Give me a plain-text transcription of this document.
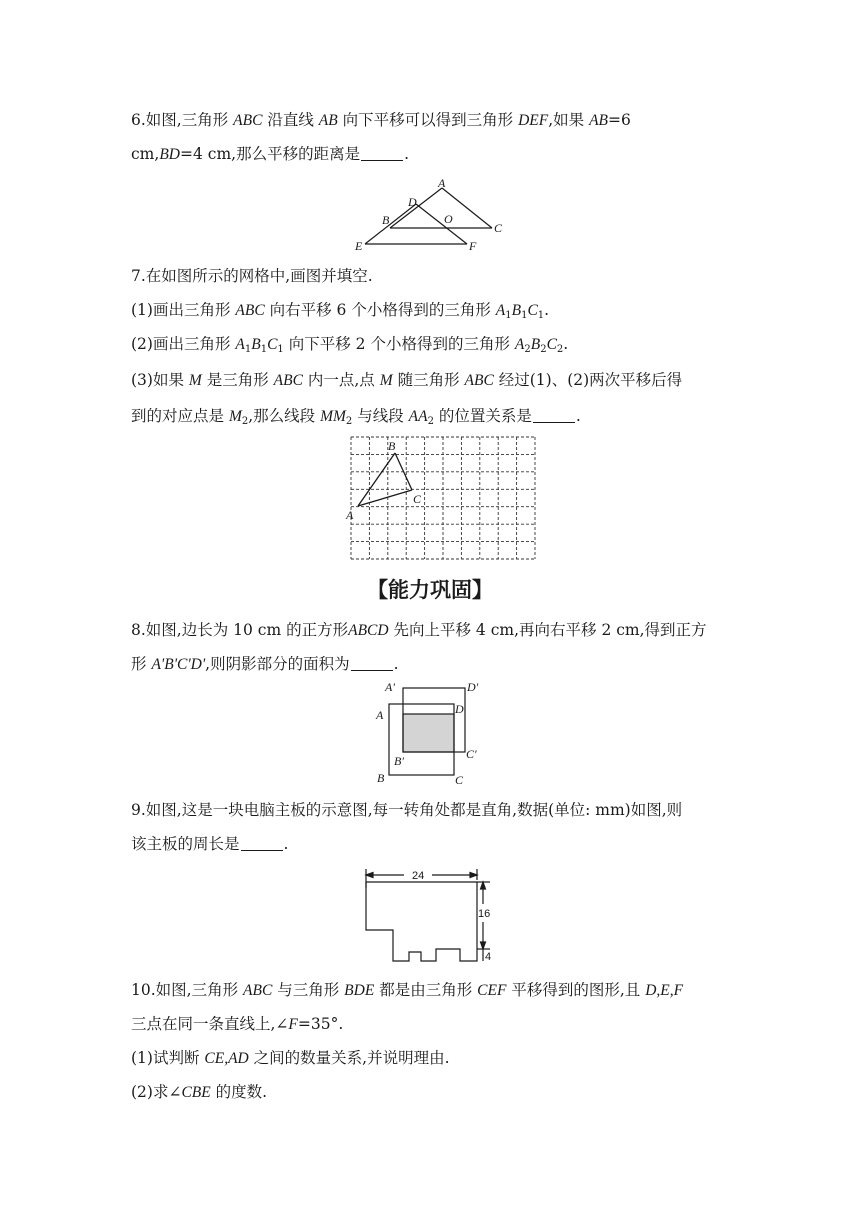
6.如图,三角形 ABC 沿直线 AB 向下平移可以得到三角形 DEF,如果 AB=6
cm,BD=4 cm,那么平移的距离是	.
A
D
B	O
C
E	F
7.在如图所示的网格中,画图并填空.
(1)画出三角形 ABC 向右平移 6 个小格得到的三角形 $A_1B_1C_1$.
(2)画出三角形 $A_1B_1C_1$ 向下平移 2 个小格得到的三角形 $A_2B_2C_2$.
(3)如果 M 是三角形 ABC 内一点,点 M 随三角形 ABC 经过(1)、(2)两次平移后得
到的对应点是 $M_2$,那么线段 $MM_2$ 与线段 $AA_2$ 的位置关系是	.
B
C
A
【能力巩固】
8.如图,边长为 10 cm 的正方形ABCD 先向上平移 4 cm,再向右平移 2 cm,得到正方
形 A'B'C'D',则阴影部分的面积为	.
A′	D′
A	D
C′
B′
B	C
9.如图,这是一块电脑主板的示意图,每一转角处都是直角,数据(单位: mm)如图,则
该主板的周长是	.
24
16
4
10.如图,三角形 ABC 与三角形 BDE 都是由三角形 CEF 平移得到的图形,且 D,E,F
三点在同一条直线上,∠F=35°.
(1)试判断 CE,AD 之间的数量关系,并说明理由.
(2)求∠CBE 的度数.
